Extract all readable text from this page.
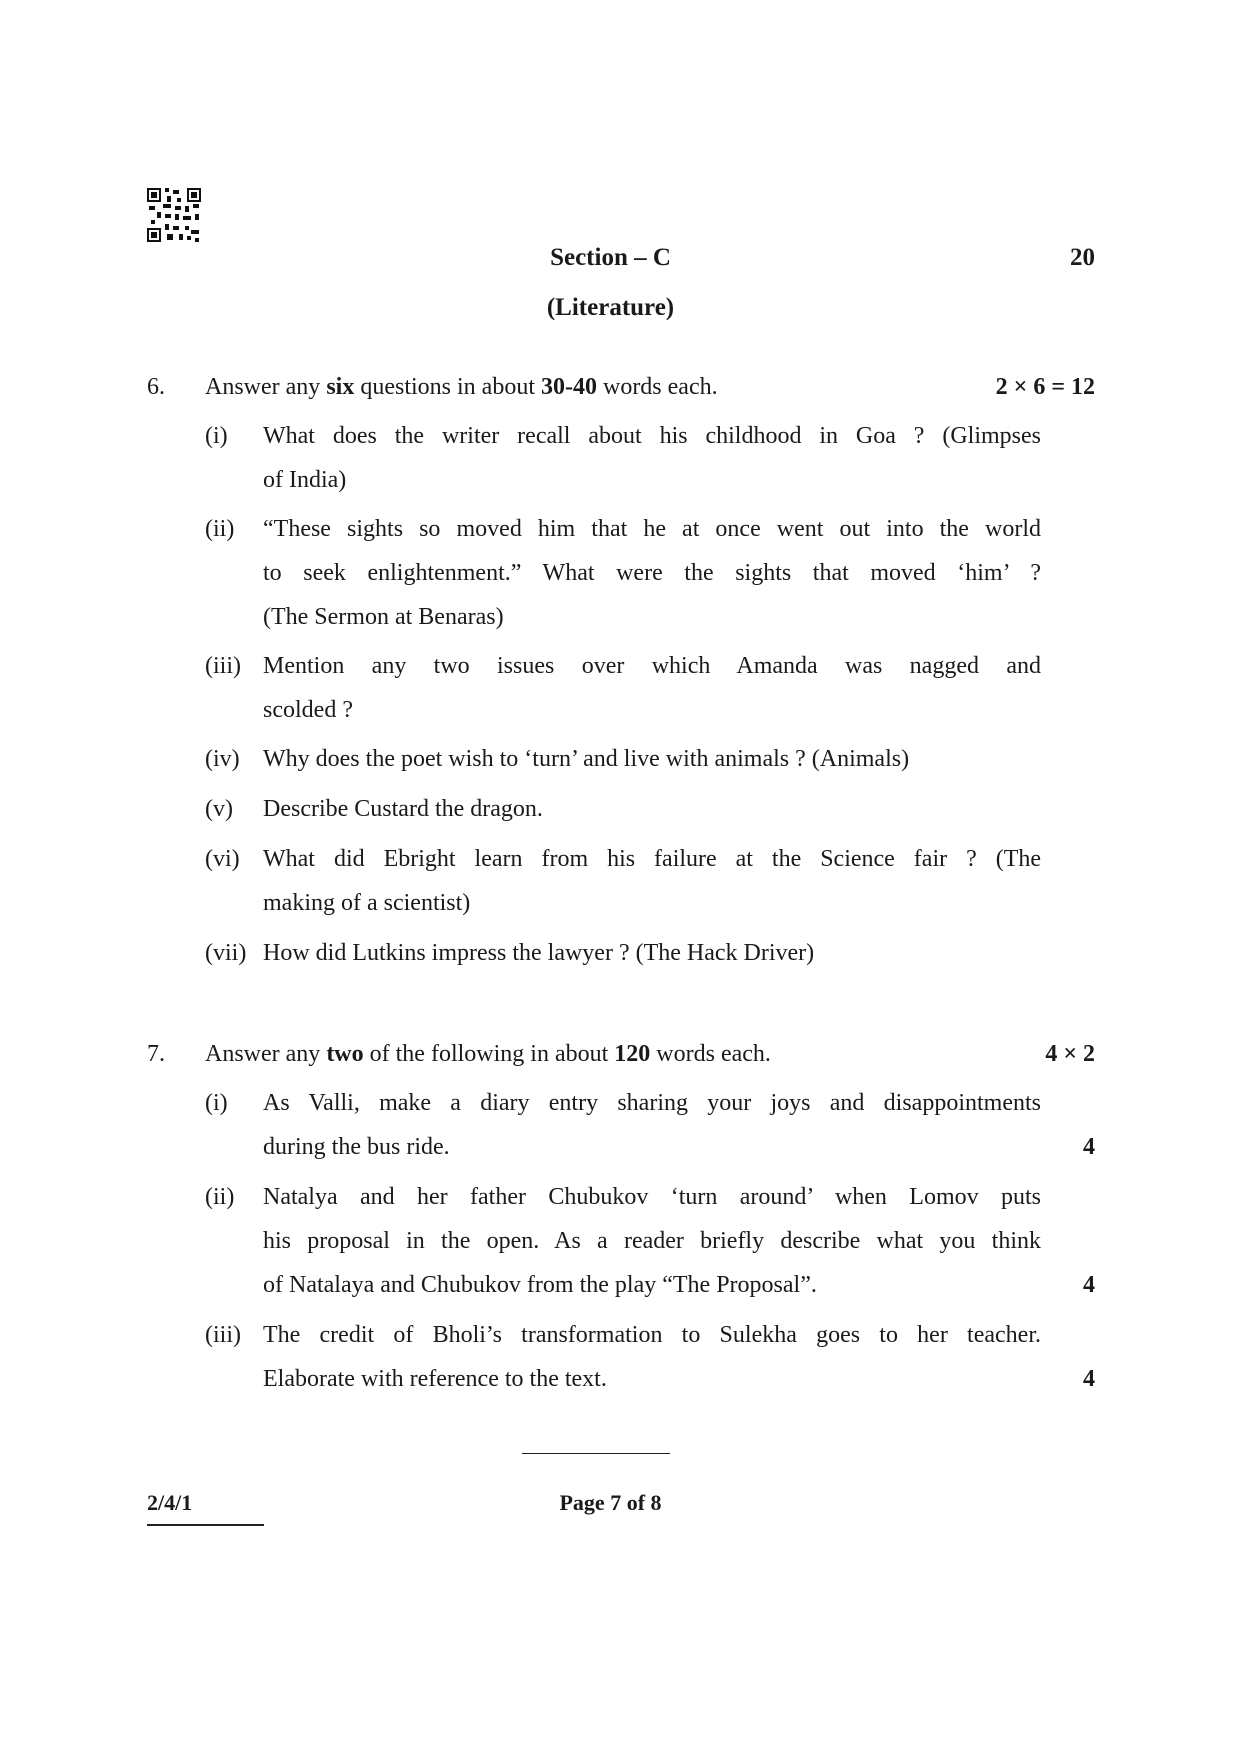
Section – C	20
(Literature)
6. Answer any six questions in about 30-40 words each.	2 × 6 = 12
(i) What does the writer recall about his childhood in Goa ? (Glimpses
of India)
(ii) “These sights so moved him that he at once went out into the world
to seek enlightenment.” What were the sights that moved ‘him’ ?
(The Sermon at Benaras)
(iii) Mention any two issues over which Amanda was nagged and
scolded ?
(iv) Why does the poet wish to ‘turn’ and live with animals ? (Animals)
(v) Describe Custard the dragon.
(vi) What did Ebright learn from his failure at the Science fair ? (The
making of a scientist)
(vii) How did Lutkins impress the lawyer ? (The Hack Driver)
7. Answer any two of the following in about 120 words each.	4 × 2
(i) As Valli, make a diary entry sharing your joys and disappointments
during the bus ride.	4
(ii) Natalya and her father Chubukov ‘turn around’ when Lomov puts
his proposal in the open. As a reader briefly describe what you think
of Natalaya and Chubukov from the play “The Proposal”.	4
(iii) The credit of Bholi’s transformation to Sulekha goes to her teacher.
Elaborate with reference to the text.	4
2/4/1	Page 7 of 8
